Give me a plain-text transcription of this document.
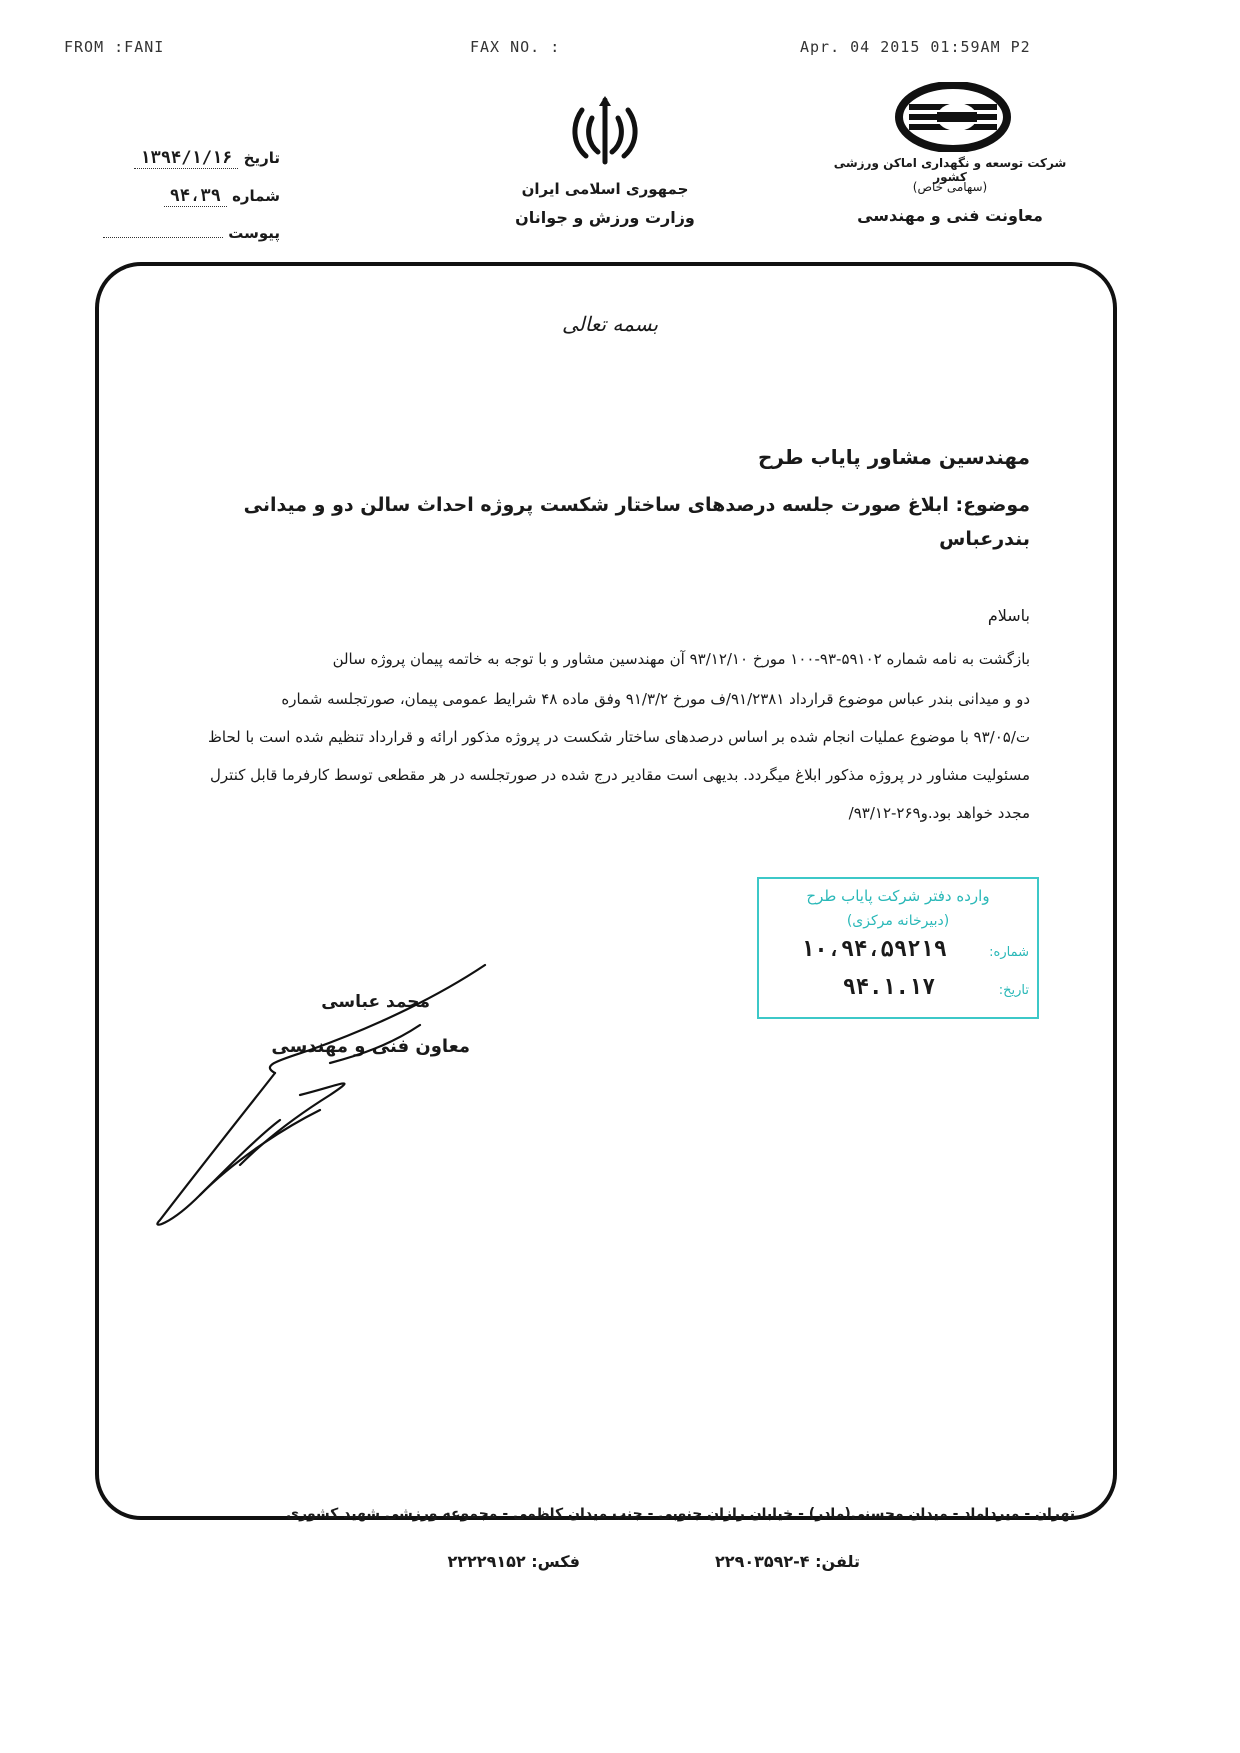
FROM :FANI	FAX NO. :	Apr. 04 2015 01:59AM P2
تاریخ ۱۳۹۴/۱/۱۶
شماره ۹۴،۳۹
پیوست
جمهوری اسلامی ایران
وزارت ورزش و جوانان
شرکت توسعه و نگهداری اماکن ورزشی کشور
(سهامی خاص)
معاونت فنی و مهندسی
بسمه تعالی
مهندسین مشاور پایاب طرح
موضوع: ابلاغ صورت جلسه درصدهای ساختار شکست پروژه احداث سالن دو و میدانی بندرعباس
باسلام
بازگشت به نامه شماره ۵۹۱۰۲-۹۳-۱۰۰ مورخ ۹۳/۱۲/۱۰ آن مهندسین مشاور و با توجه به خاتمه پیمان پروژه سالن
دو و میدانی بندر عباس موضوع قرارداد ۹۱/۲۳۸۱/ف مورخ ۹۱/۳/۲ وفق ماده ۴۸ شرایط عمومی پیمان، صورتجلسه شماره
ت/۹۳/۰۵ با موضوع عملیات انجام شده بر اساس درصدهای ساختار شکست در پروژه مذکور ارائه و قرارداد تنظیم شده است با لحاظ
مسئولیت مشاور در پروژه مذکور ابلاغ میگردد. بدیهی است مقادیر درج شده در صورتجلسه در هر مقطعی توسط کارفرما قابل کنترل
مجدد خواهد بود.و۲۶۹-۹۳/۱۲/
وارده دفتر شرکت پایاب طرح
(دبیرخانه مرکزی)
شماره:
۱۰،۹۴،۵۹۲۱۹
تاریخ:
۹۴.۱.۱۷
محمد عباسی
معاون فنی و مهندسی
تهران - میرداماد - میدان محسنی(مادر) - خیابان رازان جنوبی - جنب میدان کاظمی - مجموعه ورزشی شهید کشوری
تلفن: ۴-۲۲۹۰۳۵۹۲
فکس: ۲۲۲۲۹۱۵۲
